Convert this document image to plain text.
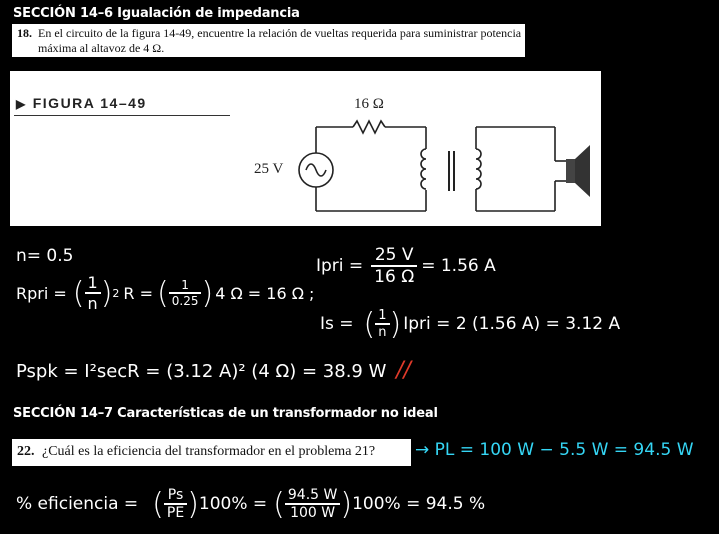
SECCIÓN 14–6 Igualación de impedancia
18. En el circuito de la figura 14-49, encuentre la relación de vueltas requerida para suministrar potencia
máxima al altavoz de 4 Ω.
▶ FIGURA 14–49	16 Ω
25 V
n= 0.5
Rpri = ( $\frac{1}{n}$ ) 2 R = ( $\frac{1}{0.25}$ ) 4 Ω = 16 Ω ;
Ipri = $\frac{25 V}{16 \Omega} = 1.56$ A
Is = ( $\frac{1}{n}$ ) Ipri = 2 (1.56 A) = 3.12 A
Pspk = I²secR = (3.12 A)² (4 Ω) = 38.9 W //
SECCIÓN 14–7 Características de un transformador no ideal
22. ¿Cuál es la eficiencia del transformador en el problema 21? → PL = 100 W − 5.5 W = 94.5 W
% eficiencia = ( $\frac{Ps}{PE}$ ) 100% = ( $\frac{94.5 W}{100 W}$ ) 100% = 94.5 %
